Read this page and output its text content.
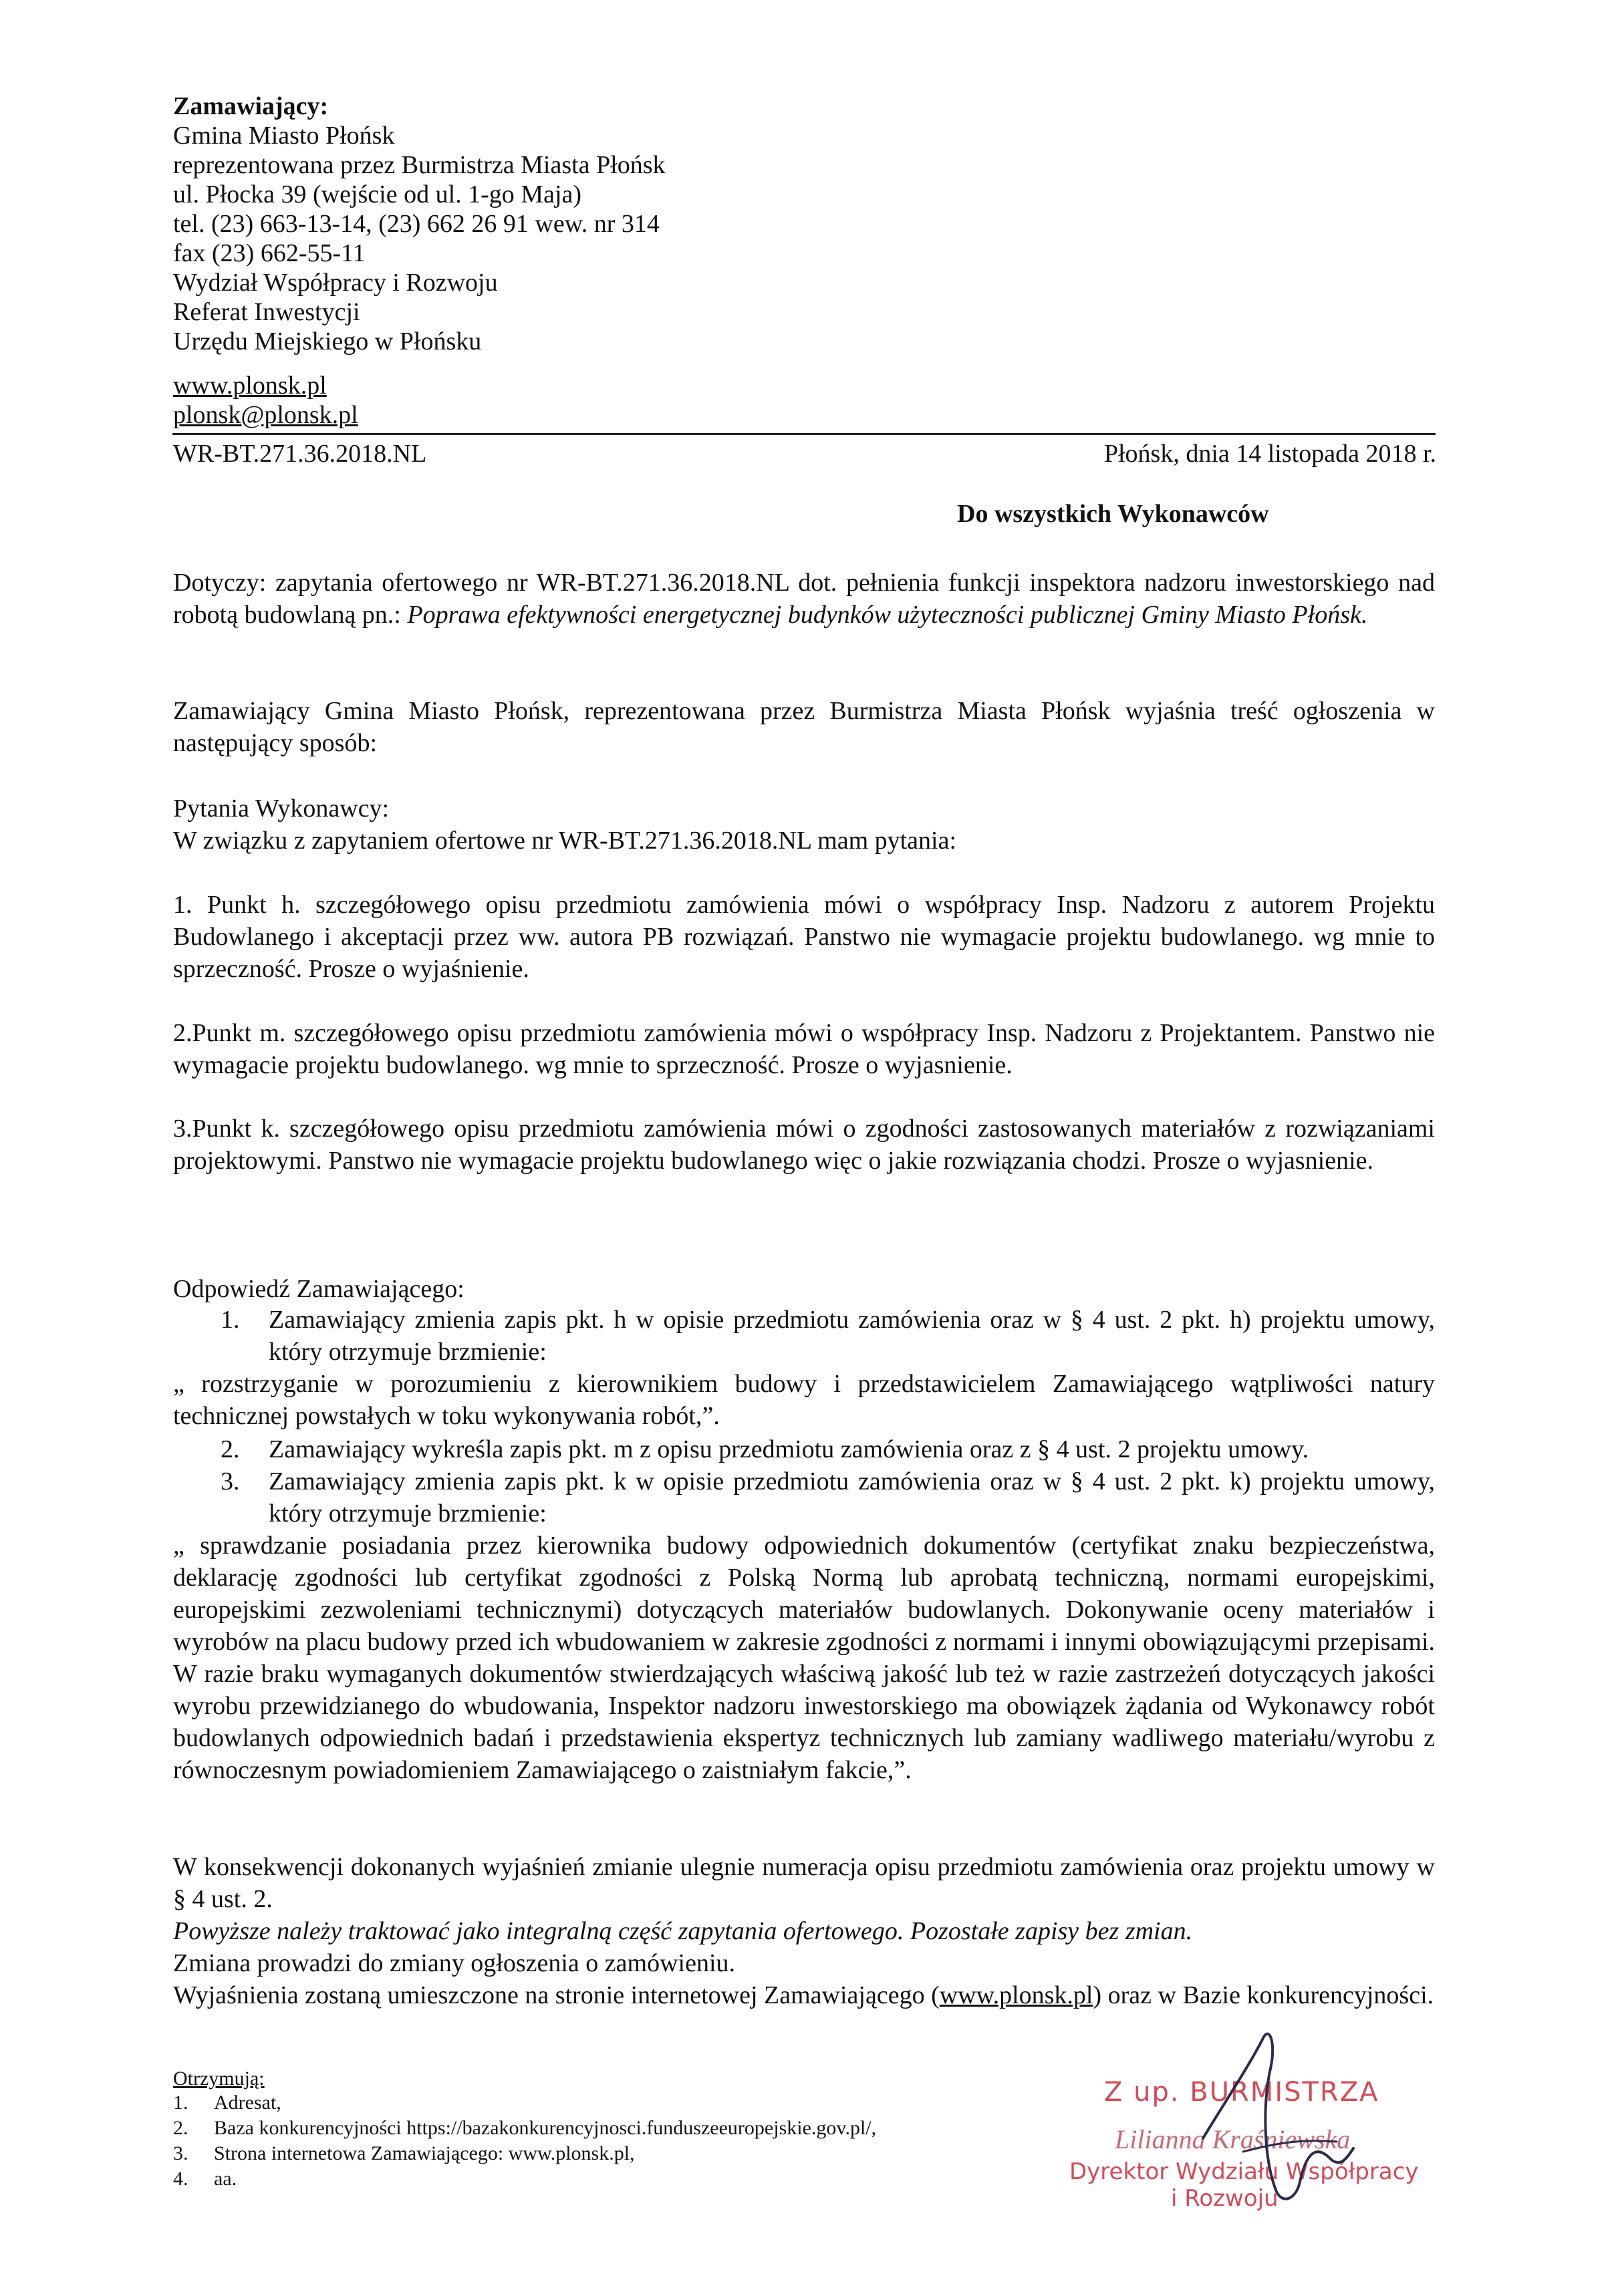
Zamawiający:
Gmina Miasto Płońsk
reprezentowana przez Burmistrza Miasta Płońsk
ul. Płocka 39 (wejście od ul. 1-go Maja)
tel. (23) 663-13-14, (23) 662 26 91 wew. nr 314
fax (23) 662-55-11
Wydział Współpracy i Rozwoju
Referat Inwestycji
Urzędu Miejskiego w Płońsku
www.plonsk.pl
plonsk@plonsk.pl
WR-BT.271.36.2018.NL	Płońsk, dnia 14 listopada 2018 r.
Do wszystkich Wykonawców
Dotyczy: zapytania ofertowego nr WR-BT.271.36.2018.NL dot. pełnienia funkcji inspektora nadzoru inwestorskiego nad robotą budowlaną pn.: Poprawa efektywności energetycznej budynków użyteczności publicznej Gminy Miasto Płońsk.
Zamawiający Gmina Miasto Płońsk, reprezentowana przez Burmistrza Miasta Płońsk wyjaśnia treść ogłoszenia w następujący sposób:
Pytania Wykonawcy:
W związku z zapytaniem ofertowe nr WR-BT.271.36.2018.NL mam pytania:
1. Punkt h. szczegółowego opisu przedmiotu zamówienia mówi o współpracy Insp. Nadzoru z autorem Projektu Budowlanego i akceptacji przez ww. autora PB rozwiązań. Panstwo nie wymagacie projektu budowlanego. wg mnie to sprzeczność. Prosze o wyjaśnienie.
2.Punkt m. szczegółowego opisu przedmiotu zamówienia mówi o współpracy Insp. Nadzoru z Projektantem. Panstwo nie wymagacie projektu budowlanego. wg mnie to sprzeczność. Prosze o wyjasnienie.
3.Punkt k. szczegółowego opisu przedmiotu zamówienia mówi o zgodności zastosowanych materiałów z rozwiązaniami projektowymi. Panstwo nie wymagacie projektu budowlanego więc o jakie rozwiązania chodzi. Prosze o wyjasnienie.
Odpowiedź Zamawiającego:
1. Zamawiający zmienia zapis pkt. h w opisie przedmiotu zamówienia oraz w § 4 ust. 2 pkt. h) projektu umowy, który otrzymuje brzmienie:
„ rozstrzyganie w porozumieniu z kierownikiem budowy i przedstawicielem Zamawiającego wątpliwości natury technicznej powstałych w toku wykonywania robót,”.
2. Zamawiający wykreśla zapis pkt. m z opisu przedmiotu zamówienia oraz z § 4 ust. 2 projektu umowy.
3. Zamawiający zmienia zapis pkt. k w opisie przedmiotu zamówienia oraz w § 4 ust. 2 pkt. k) projektu umowy, który otrzymuje brzmienie:
„ sprawdzanie posiadania przez kierownika budowy odpowiednich dokumentów (certyfikat znaku bezpieczeństwa, deklarację zgodności lub certyfikat zgodności z Polską Normą lub aprobatą techniczną, normami europejskimi, europejskimi zezwoleniami technicznymi) dotyczących materiałów budowlanych. Dokonywanie oceny materiałów i wyrobów na placu budowy przed ich wbudowaniem w zakresie zgodności z normami i innymi obowiązującymi przepisami. W razie braku wymaganych dokumentów stwierdzających właściwą jakość lub też w razie zastrzeżeń dotyczących jakości wyrobu przewidzianego do wbudowania, Inspektor nadzoru inwestorskiego ma obowiązek żądania od Wykonawcy robót budowlanych odpowiednich badań i przedstawienia ekspertyz technicznych lub zamiany wadliwego materiału/wyrobu z równoczesnym powiadomieniem Zamawiającego o zaistniałym fakcie,”.
W konsekwencji dokonanych wyjaśnień zmianie ulegnie numeracja opisu przedmiotu zamówienia oraz projektu umowy w § 4 ust. 2.
Powyższe należy traktować jako integralną część zapytania ofertowego. Pozostałe zapisy bez zmian.
Zmiana prowadzi do zmiany ogłoszenia o zamówieniu.
Wyjaśnienia zostaną umieszczone na stronie internetowej Zamawiającego (www.plonsk.pl) oraz w Bazie konkurencyjności.
Otrzymują:
1. Adresat,
2. Baza konkurencyjności https://bazakonkurencyjnosci.funduszeeuropejskie.gov.pl/,
3. Strona internetowa Zamawiającego: www.plonsk.pl,
4. aa.
Z up. BURMISTRZA
Lilianna Kraśniewska
Dyrektor Wydziału Współpracy
i Rozwoju
